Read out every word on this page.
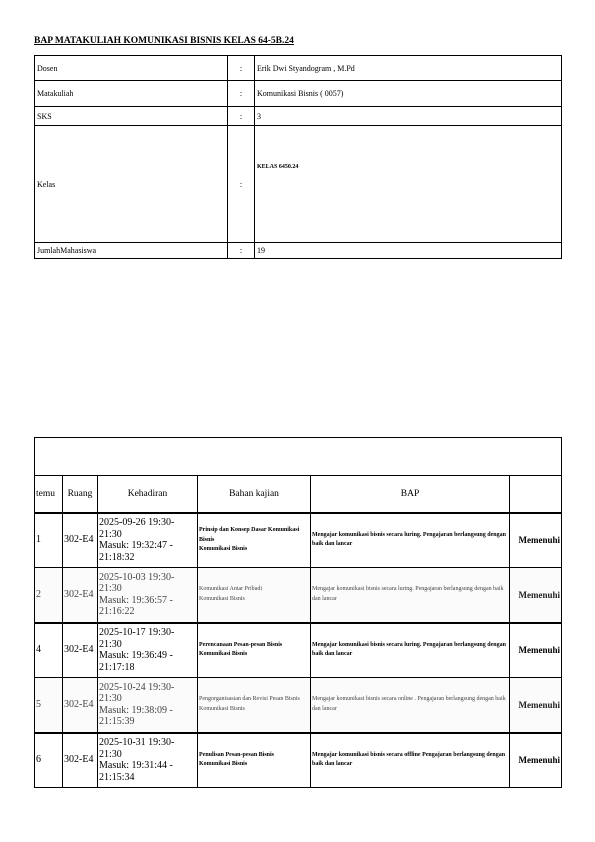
BAP MATAKULIAH KOMUNIKASI BISNIS KELAS 64-5B.24
Dosen	:	Erik Dwi Styandogram , M.Pd
Matakuliah	:	Komunikasi Bisnis ( 0057)
SKS	:	3
Kelas	:	KELAS 6450.24
JumlahMahasiswa	:	19

temu	Ruang	Kehadiran	Bahan kajian	BAP	
1	302-E4	2025-09-26 19:30-21:30
Masuk: 19:32:47 -
21:18:32	Prinsip dan Konsep Dasar Komunikasi Bisnis
Komunikasi Bisnis	Mengajar komunikasi bisnis secara luring. Pengajaran berlangsung dengan baik dan lancar	Memenuhi
2	302-E4	2025-10-03 19:30-21:30
Masuk: 19:36:57 -
21:16:22	Komunikasi Antar Pribadi
Komunikasi Bisnis	Mengajar komunikasi bisnis secara luring. Pengajaran berlangsung dengan baik dan lancar	Memenuhi
4	302-E4	2025-10-17 19:30-21:30
Masuk: 19:36:49 -
21:17:18	Perencanaan Pesan-pesan Bisnis
Komunikasi Bisnis	Mengajar komunikasi bisnis secara luring. Pengajaran berlangsung dengan baik dan lancar	Memenuhi
5	302-E4	2025-10-24 19:30-21:30
Masuk: 19:38:09 -
21:15:39	Pengorganisasian dan Revisi Pesan Bisnis
Komunikasi Bisnis	Mengajar komunikasi bisnis secara online . Pengajaran berlangsung dengan baik dan lancar	Memenuhi
6	302-E4	2025-10-31 19:30-21:30
Masuk: 19:31:44 -
21:15:34	Penulisan Pesan-pesan Bisnis
Komunikasi Bisnis	Mengajar komunikasi bisnis secara offline Pengajaran berlangsung dengan baik dan lancar	Memenuhi
